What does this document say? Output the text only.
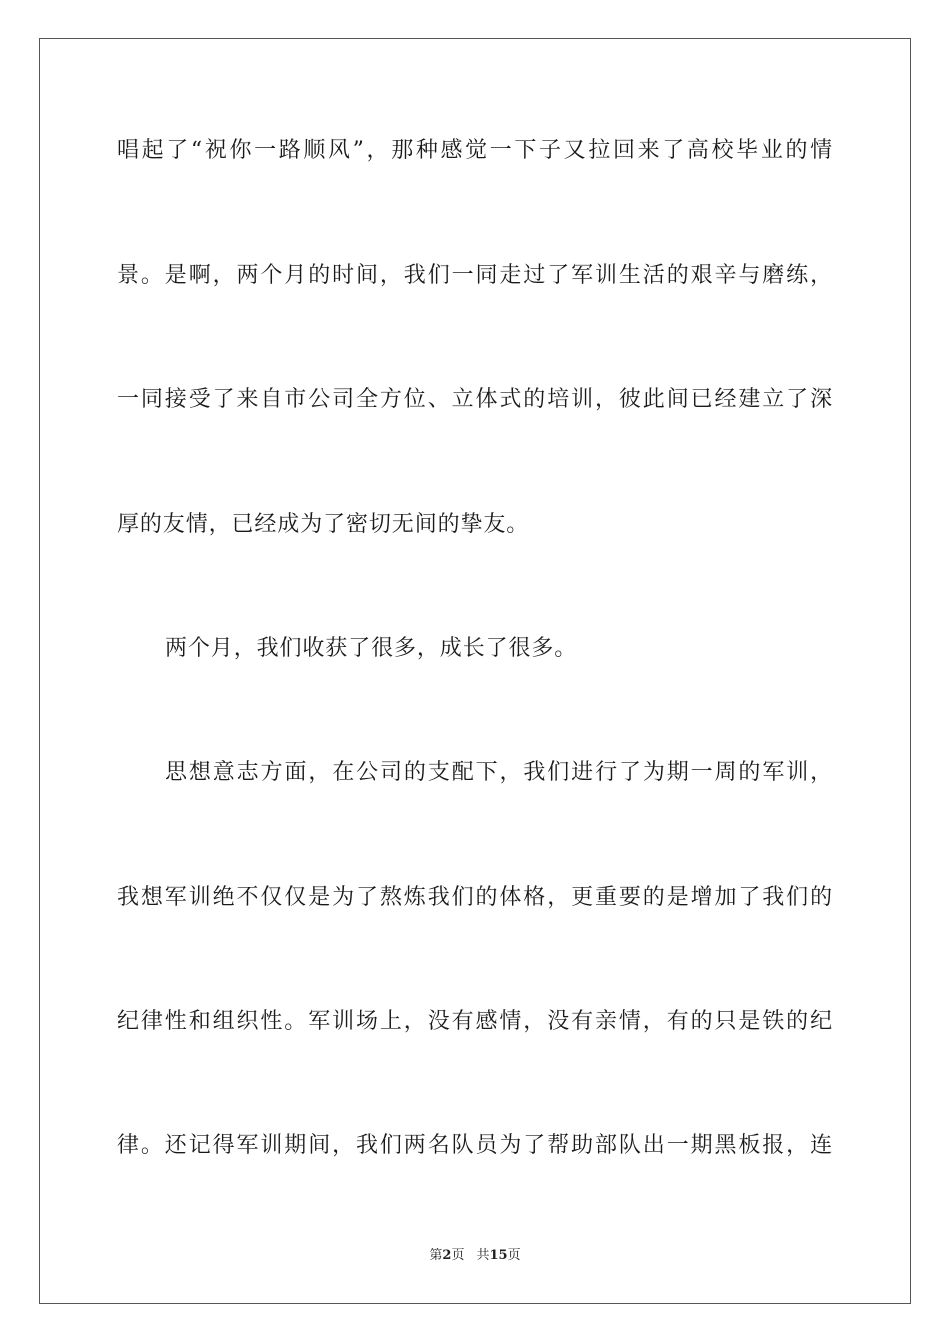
唱起了“祝你一路顺风”，那种感觉一下子又拉回来了高校毕业的情
景。是啊，两个月的时间，我们一同走过了军训生活的艰辛与磨练，
一同接受了来自市公司全方位、立体式的培训，彼此间已经建立了深
厚的友情，已经成为了密切无间的挚友。
两个月，我们收获了很多，成长了很多。
思想意志方面，在公司的支配下，我们进行了为期一周的军训，
我想军训绝不仅仅是为了熬炼我们的体格，更重要的是增加了我们的
纪律性和组织性。军训场上，没有感情，没有亲情，有的只是铁的纪
律。还记得军训期间，我们两名队员为了帮助部队出一期黑板报，连
第2页 共15页
